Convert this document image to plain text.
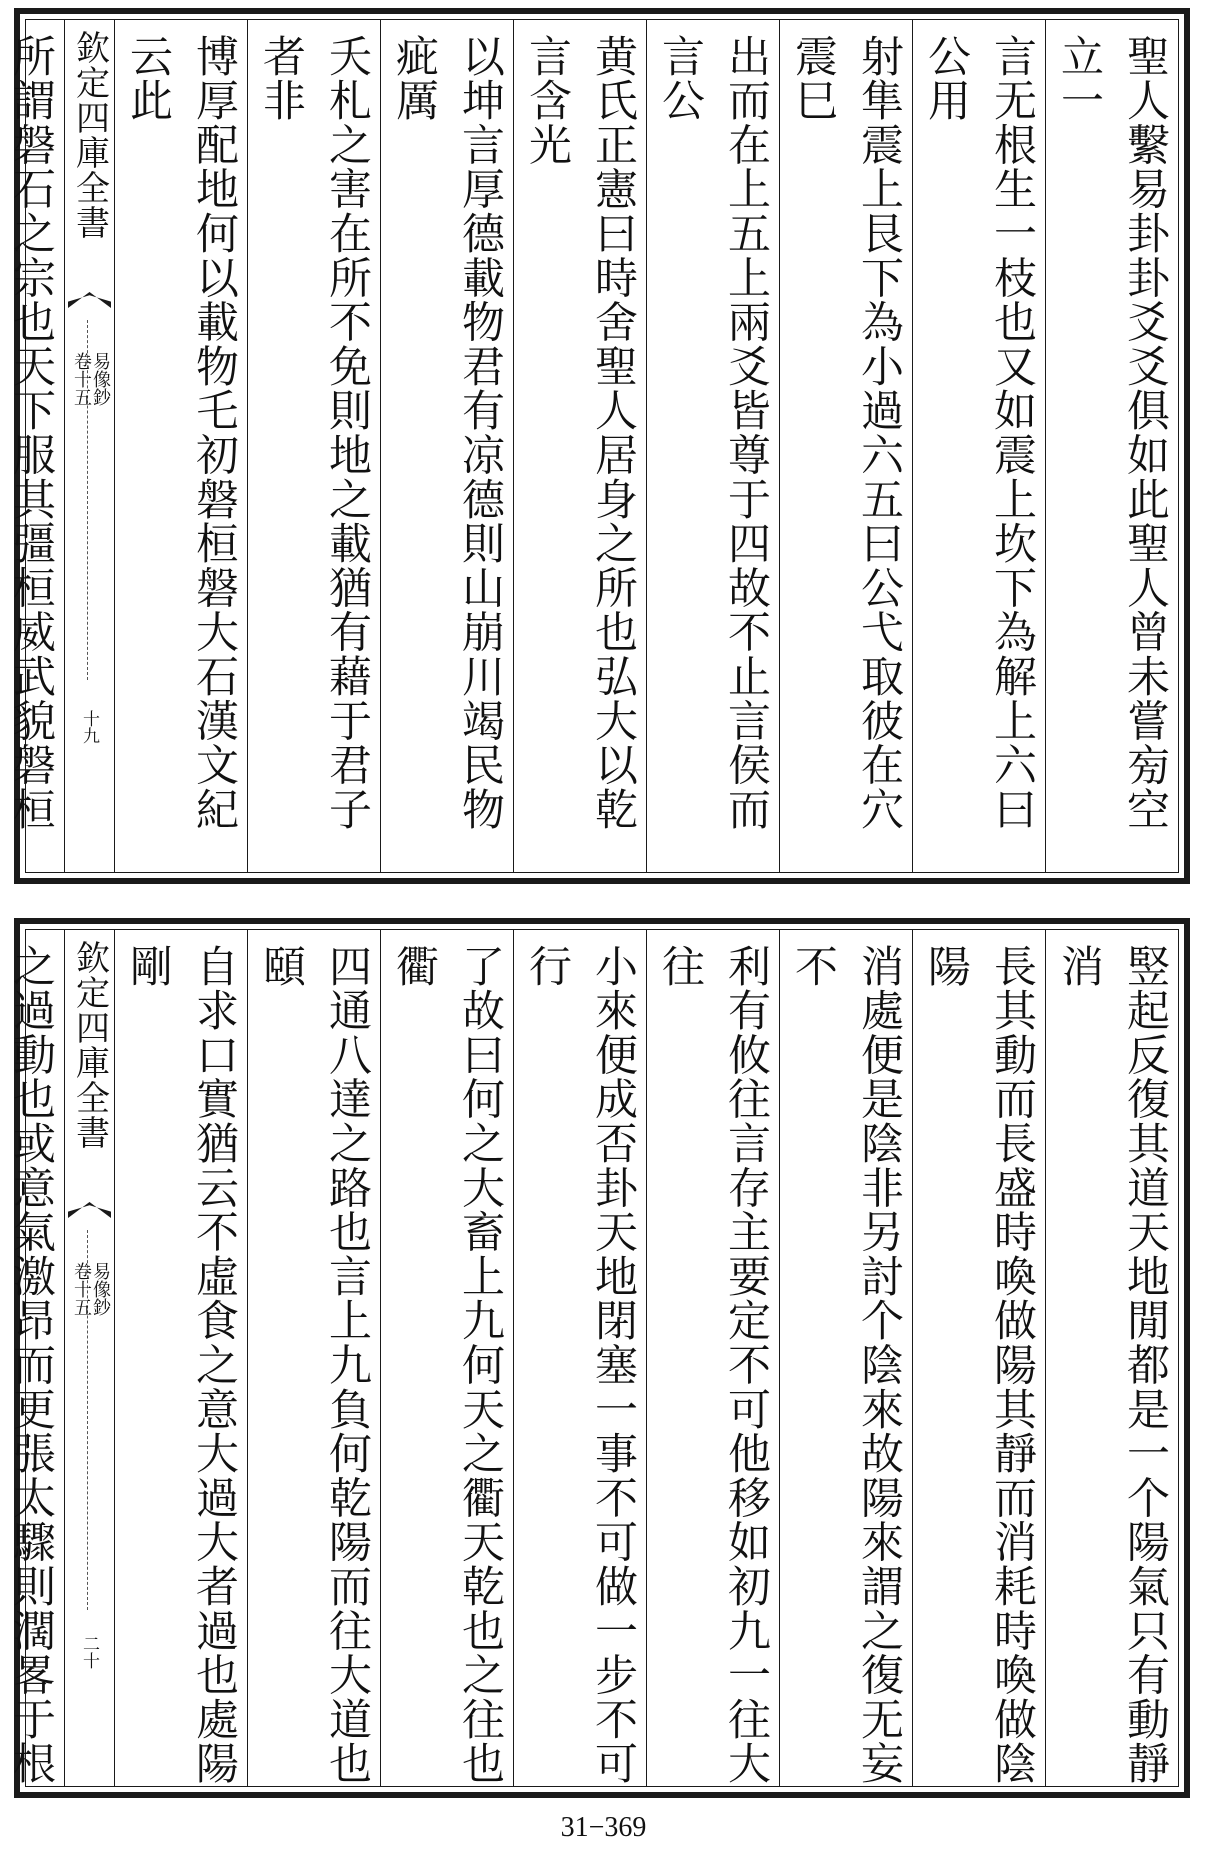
聖人繫易卦卦爻爻俱如此聖人曾未嘗㫄空立一
言无根生一枝也又如震上坎下為解上六曰公用
射隼震上艮下為小過六五曰公弋取彼在穴震巳
出而在上五上兩爻皆尊于四故不止言侯而言公
黄氏正憲曰時舍聖人居身之所也弘大以乾言含光
以坤言厚德載物君有凉德則山崩川竭民物疵厲
夭札之害在所不免則地之載猶有藉于君子者非
博厚配地何以載物乇初磐桓磐大石漢文紀云此
欽定四庫全書
易像鈔
卷十五
十九
所謂磐石之宗也天下服其彊桓威武貌磐桓
竪起反復其道天地閒都是一个陽氣只有動靜消
長其動而長盛時喚做陽其靜而消耗時喚做陰陽
消處便是陰非另討个陰來故陽來謂之復无妄不
利有攸往言存主要定不可他移如初九一往大往
小來便成否卦天地閉塞一事不可做一步不可行
了故曰何之大畜上九何天之衢天乾也之往也衢
四通八達之路也言上九負何乾陽而往大道也頤
自求口實猶云不虛食之意大過大者過也處陽剛
欽定四庫全書
易像鈔
卷十五
二十
之過動也或意氣激昂而更張太驟則濶畧于根
31−369
